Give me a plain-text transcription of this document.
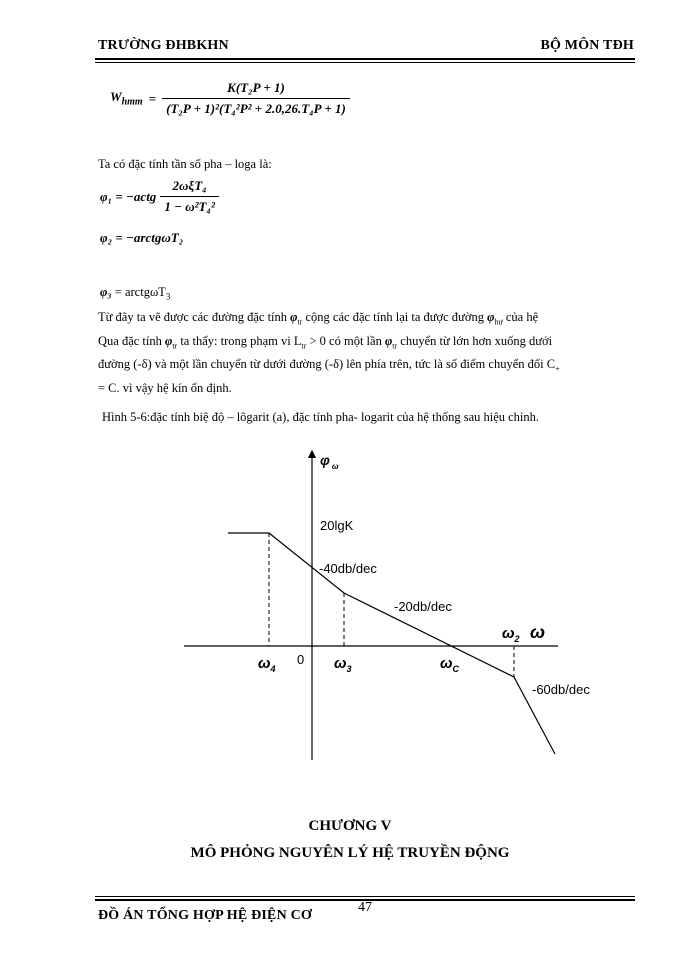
TRƯỜNG ĐHBKHN	BỘ MÔN TĐH
$W_{hmm} = \frac{\text{K(T₂P + 1)}}{\text{(T₂P + 1)²(T₄²P² + 2.0,26.T₄P + 1)}}$
Ta có đặc tính tần số pha – loga là:
φ₁ = −actg $\frac{\text{2ωξT₄}}{\text{1 − ω²T₄²}}$
φ₂ = −arctgωT₂
φ₃ = arctgωT$_3$
Từ đây ta vẽ được các đường đặc tính $\varphi_{tr}$ cộng các đặc tính lại ta được đường $\varphi_{hư}$ của hệ
Qua đặc tính $\varphi_{tr}$ ta thấy: trong phạm vi $L_{tr} > 0$ có một lần $\varphi_{tr}$ chuyển từ lớn hơn xuống dưới
đường (-δ) và một lần chuyển từ dưới đường (-δ) lên phía trên, tức là số điểm chuyển đổi $C_+$
= C. vì vậy hệ kín ổn định.
Hình 5-6:đặc tính biệ độ – lôgarit (a), đặc tính pha- logarit của hệ thống sau hiệu chỉnh.
φ $_\omega$
20lgK
-40db/dec
-20db/dec
-60db/dec
$\omega_4$
0 $\omega_3$	$\omega_C$
$\omega_2$ ω
CHƯƠNG V
MÔ PHỎNG NGUYÊN LÝ HỆ TRUYỀN ĐỘNG
ĐỒ ÁN TỔNG HỢP HỆ ĐIỆN CƠ
47
